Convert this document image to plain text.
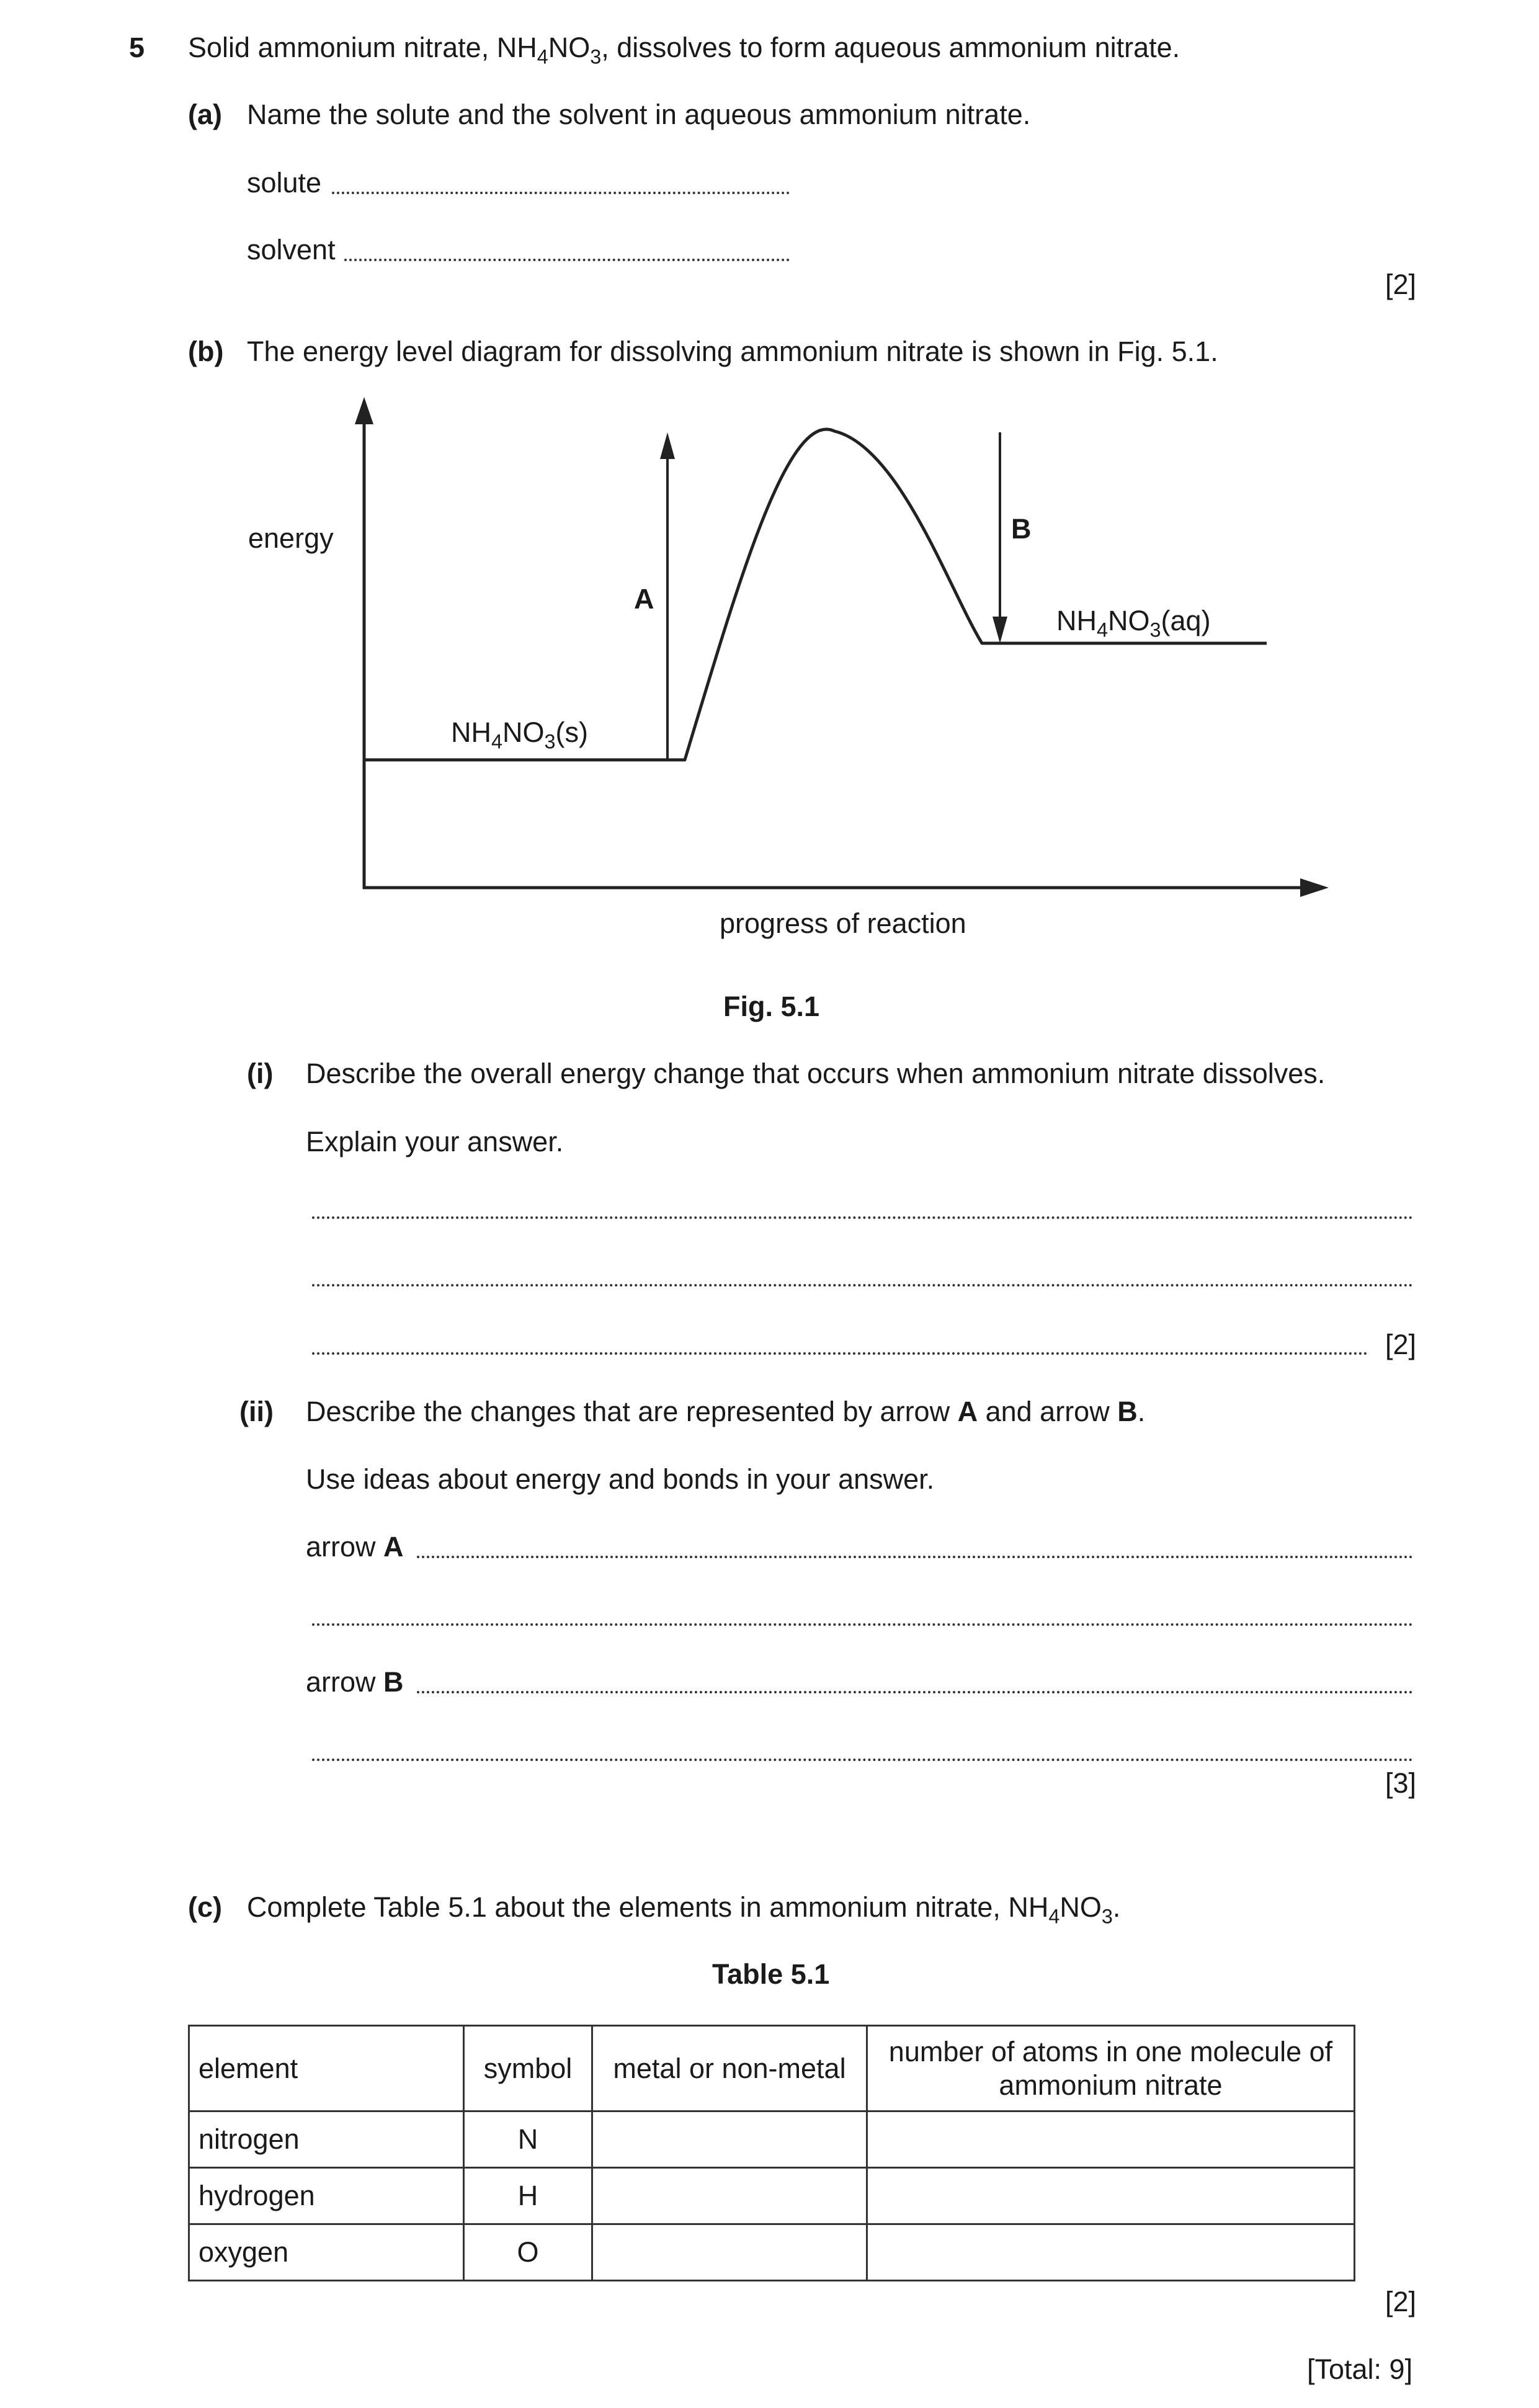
5 Solid ammonium nitrate, $NH_4NO_3$, dissolves to form aqueous ammonium nitrate.
(a) Name the solute and the solvent in aqueous ammonium nitrate.
solute
solvent
[2]
(b) The energy level diagram for dissolving ammonium nitrate is shown in Fig. 5.1.
energy
progress of reaction
A
B
$NH_4NO_3(s)$
$NH_4NO_3(aq)$
Fig. 5.1
(i) Describe the overall energy change that occurs when ammonium nitrate dissolves.
Explain your answer.
[2]
(ii) Describe the changes that are represented by arrow A and arrow B.
Use ideas about energy and bonds in your answer.
arrow A
arrow B
[3]
(c) Complete Table 5.1 about the elements in ammonium nitrate, $NH_4NO_3$.
Table 5.1
element	symbol	metal or non-metal	number of atoms in one molecule of
ammonium nitrate
nitrogen	N		
hydrogen	H		
oxygen	O		
[2]
[Total: 9]
